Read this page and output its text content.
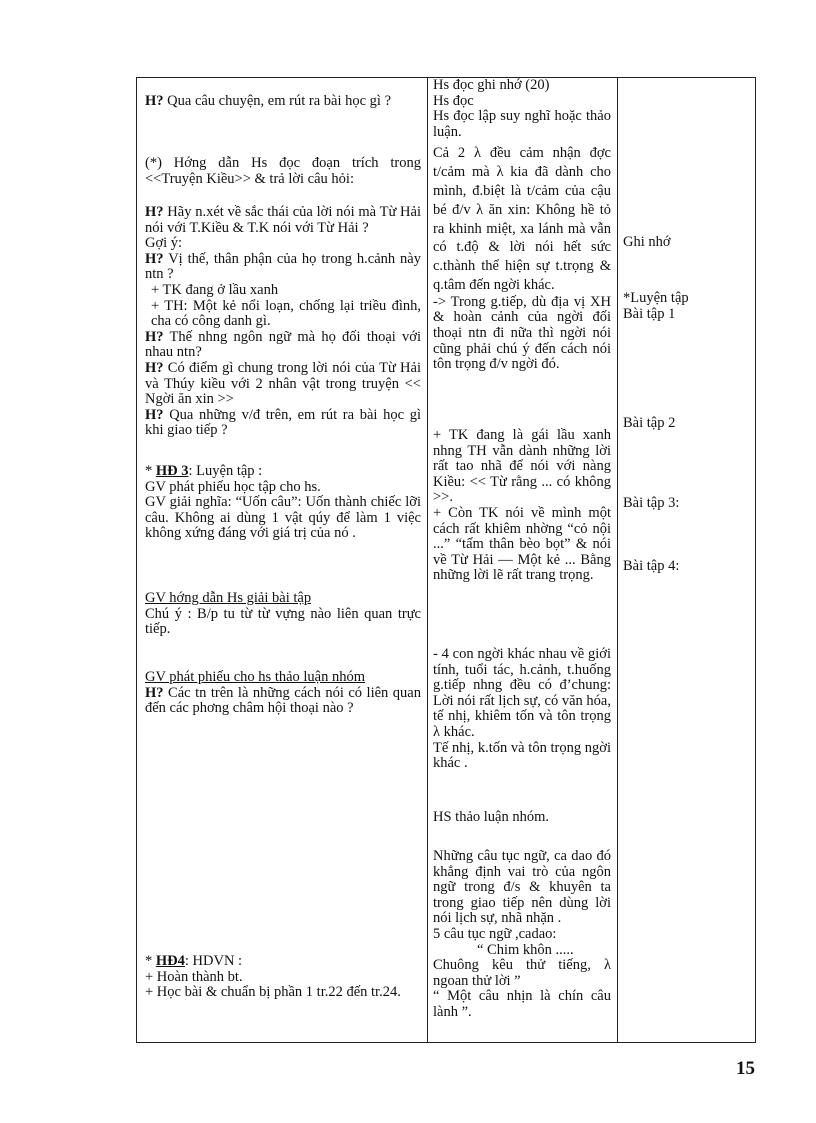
H? Qua câu chuyện, em rút ra bài học gì ?

(*) Hớng dẫn Hs đọc đoạn trích trong <<Truyện Kiều>> & trả lời câu hỏi:

H? Hãy n.xét về sắc thái của lời nói mà Từ Hải nói với T.Kiều & T.K nói với Từ Hải ?

Gợi ý:

H? Vị thế, thân phận của họ trong h.cảnh này ntn ?

+ TK đang ở lầu xanh

+ TH: Một kẻ nổi loạn, chống lại triều đình, cha có công danh gì.

H? Thế nhng ngôn ngữ mà họ đối thoại với nhau ntn?

H? Có điểm gì chung trong lời nói của Từ Hải và Thúy kiều với 2 nhân vật trong truyện << Ngời ăn xin >>

H? Qua những v/đ trên, em rút ra bài học gì khi giao tiếp ?

* HĐ 3: Luyện tập :

GV phát phiếu học tập cho hs.

GV giải nghĩa: “Uốn câu”: Uốn thành chiếc lỡi câu. Không ai dùng 1 vật qúy để làm 1 việc không xứng đáng với giá trị của nó .

GV hớng dẫn Hs giải bài tập

Chú ý : B/p tu từ từ vựng nào liên quan trực tiếp.

GV phát phiếu cho hs thảo luận nhóm

H? Các tn trên là những cách nói có liên quan đến các phơng châm hội thoại nào ?

* HĐ4: HDVN :

+ Hoàn thành bt.

+ Học bài & chuẩn bị phần 1 tr.22 đến tr.24.

Hs đọc ghi nhớ (20)

Hs đọc

Hs đọc lập suy nghĩ hoặc thảo luận.

Cả 2 λ đều cảm nhận đợc t/cảm mà λ kia đã dành cho mình, đ.biệt là t/cảm của cậu bé đ/v λ ăn xin: Không hề tỏ ra khinh miệt, xa lánh mà vẫn có t.độ & lời nói hết sức c.thành thể hiện sự t.trọng & q.tâm đến ngời khác.

-> Trong g.tiếp, dù địa vị XH & hoàn cảnh của ngời đối thoại ntn đi nữa thì ngời nói cũng phải chú ý đến cách nói tôn trọng đ/v ngời đó.

+ TK đang là gái lầu xanh nhng TH vẫn dành những lời rất tao nhã để nói với nàng Kiều: << Từ rằng ... có không >>.

+ Còn TK nói về mình một cách rất khiêm nhờng “cỏ nội ...” “tấm thân bèo bọt” & nói về Từ Hải — Một kẻ ... Bằng những lời lẽ rất trang trọng.

- 4 con ngời khác nhau về giới tính, tuổi tác, h.cảnh, t.huống g.tiếp nhng đều có đ’chung: Lời nói rất lịch sự, có văn hóa, tế nhị, khiêm tốn và tôn trọng λ khác.

Tế nhị, k.tốn và tôn trọng ngời khác .

HS thảo luận nhóm.

Những câu tục ngữ, ca dao đó khẳng định vai trò của ngôn ngữ trong đ/s & khuyên ta trong giao tiếp nên dùng lời nói lịch sự, nhã nhặn .

5 câu tục ngữ ,cadao:

“ Chim khôn .....

Chuông kêu thử tiếng, λ ngoan thử lời ”

“ Một câu nhịn là chín câu lành ”.

Ghi nhớ

*Luyện tập

Bài tập 1

Bài tập 2

Bài tập 3:

Bài tập 4:

15
